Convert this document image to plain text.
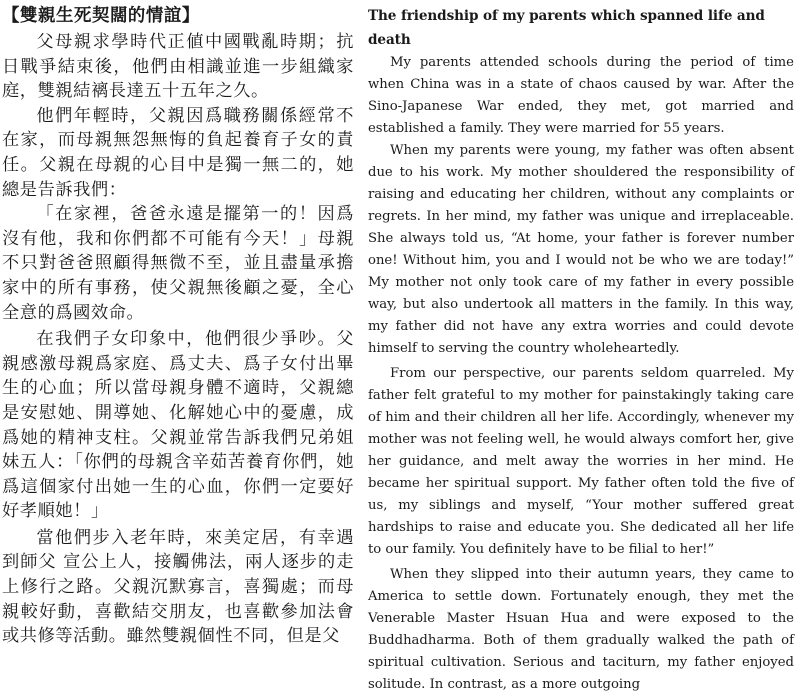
【雙親生死契闊的情誼】

父母親求學時代正値中國戰亂時期；抗日戰爭結束後，他們由相識並進一步組織家庭，雙親結褵長達五十五年之久。

他們年輕時，父親因爲職務關係經常不在家，而母親無怨無悔的負起養育子女的責任。父親在母親的心目中是獨一無二的，她總是告訴我們：

「在家裡，爸爸永遠是擺第一的！因爲沒有他，我和你們都不可能有今天！」母親不只對爸爸照顧得無微不至，並且盡量承擔家中的所有事務，使父親無後顧之憂，全心全意的爲國效命。

在我們子女印象中，他們很少爭吵。父親感激母親爲家庭、爲丈夫、爲子女付出畢生的心血；所以當母親身體不適時，父親總是安慰她、開導她、化解她心中的憂慮，成爲她的精神支柱。父親並常告訴我們兄弟姐妹五人：「你們的母親含辛茹苦養育你們，她爲這個家付出她一生的心血，你們一定要好好孝順她！」

當他們步入老年時，來美定居，有幸遇到師父 宣公上人，接觸佛法，兩人逐步的走上修行之路。父親沉默寡言，喜獨處；而母親較好動，喜歡結交朋友，也喜歡參加法會或共修等活動。雖然雙親個性不同，但是父

The friendship of my parents which spanned life and death

My parents attended schools during the period of time when China was in a state of chaos caused by war. After the Sino-Japanese War ended, they met, got married and established a family. They were married for 55 years.

When my parents were young, my father was often absent due to his work. My mother shouldered the responsibility of raising and educating her children, without any complaints or regrets. In her mind, my father was unique and irreplaceable. She always told us, “At home, your father is forever number one! Without him, you and I would not be who we are today!” My mother not only took care of my father in every possible way, but also undertook all matters in the family. In this way, my father did not have any extra worries and could devote himself to serving the country wholeheartedly.

From our perspective, our parents seldom quarreled. My father felt grateful to my mother for painstakingly taking care of him and their children all her life. Accordingly, whenever my mother was not feeling well, he would always comfort her, give her guidance, and melt away the worries in her mind. He became her spiritual support. My father often told the five of us, my siblings and myself, “Your mother suffered great hardships to raise and educate you. She dedicated all her life to our family. You definitely have to be filial to her!”

When they slipped into their autumn years, they came to America to settle down. Fortunately enough, they met the Venerable Master Hsuan Hua and were exposed to the Buddhadharma. Both of them gradually walked the path of spiritual cultivation. Serious and taciturn, my father enjoyed solitude. In contrast, as a more outgoing
